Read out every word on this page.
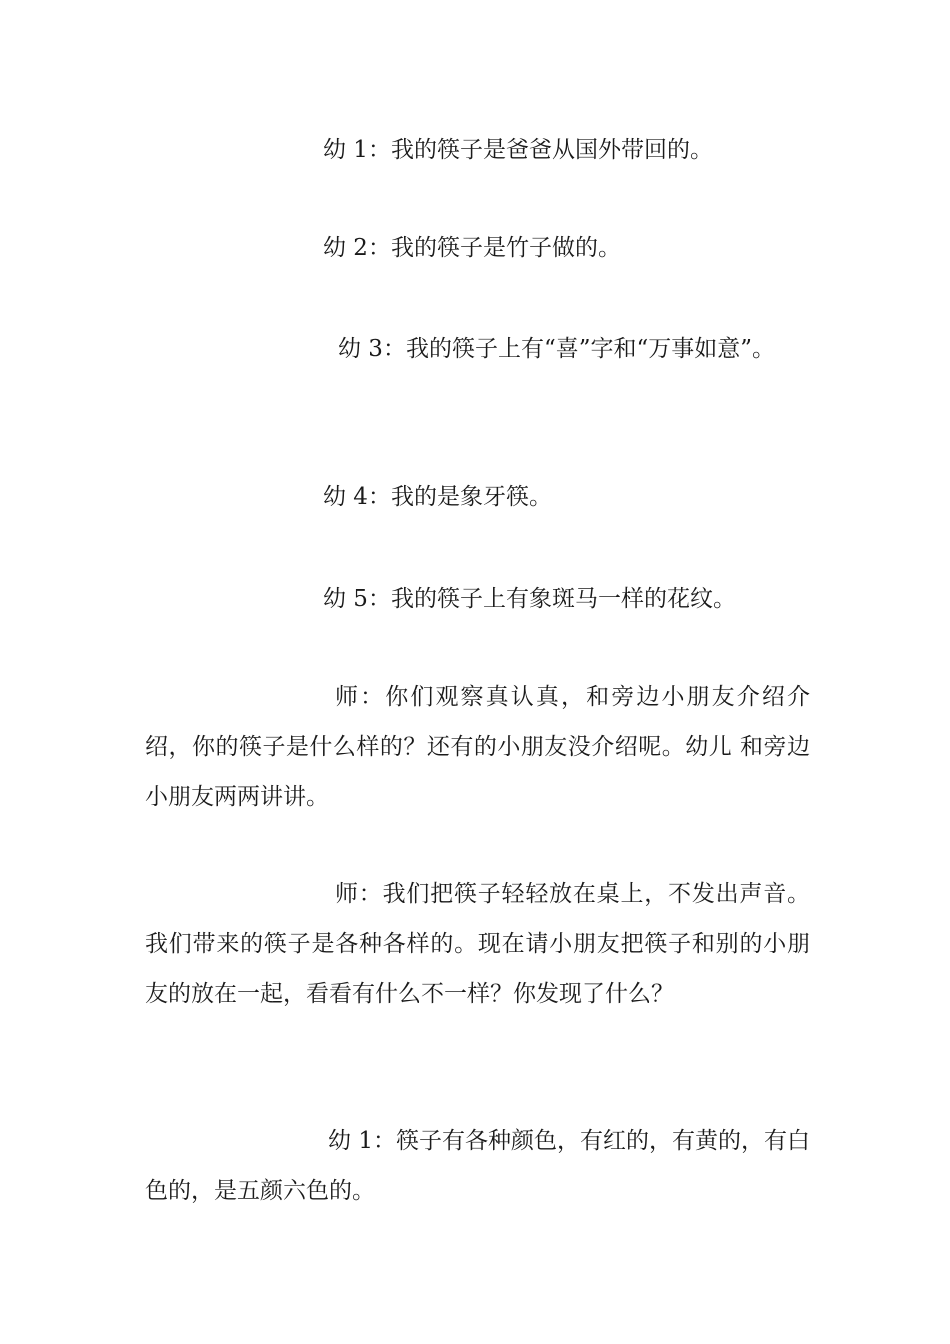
幼 1：我的筷子是爸爸从国外带回的。

幼 2：我的筷子是竹子做的。

幼 3：我的筷子上有“喜”字和“万事如意”。

幼 4：我的是象牙筷。

幼 5：我的筷子上有象斑马一样的花纹。

师：你们观察真认真，和旁边小朋友介绍介绍，你的筷子是什么样的？还有的小朋友没介绍呢。幼儿 和旁边小朋友两两讲讲。

师：我们把筷子轻轻放在桌上，不发出声音。我们带来的筷子是各种各样的。现在请小朋友把筷子和别的小朋友的放在一起，看看有什么不一样？你发现了什么？

幼 1：筷子有各种颜色，有红的，有黄的，有白色的，是五颜六色的。
